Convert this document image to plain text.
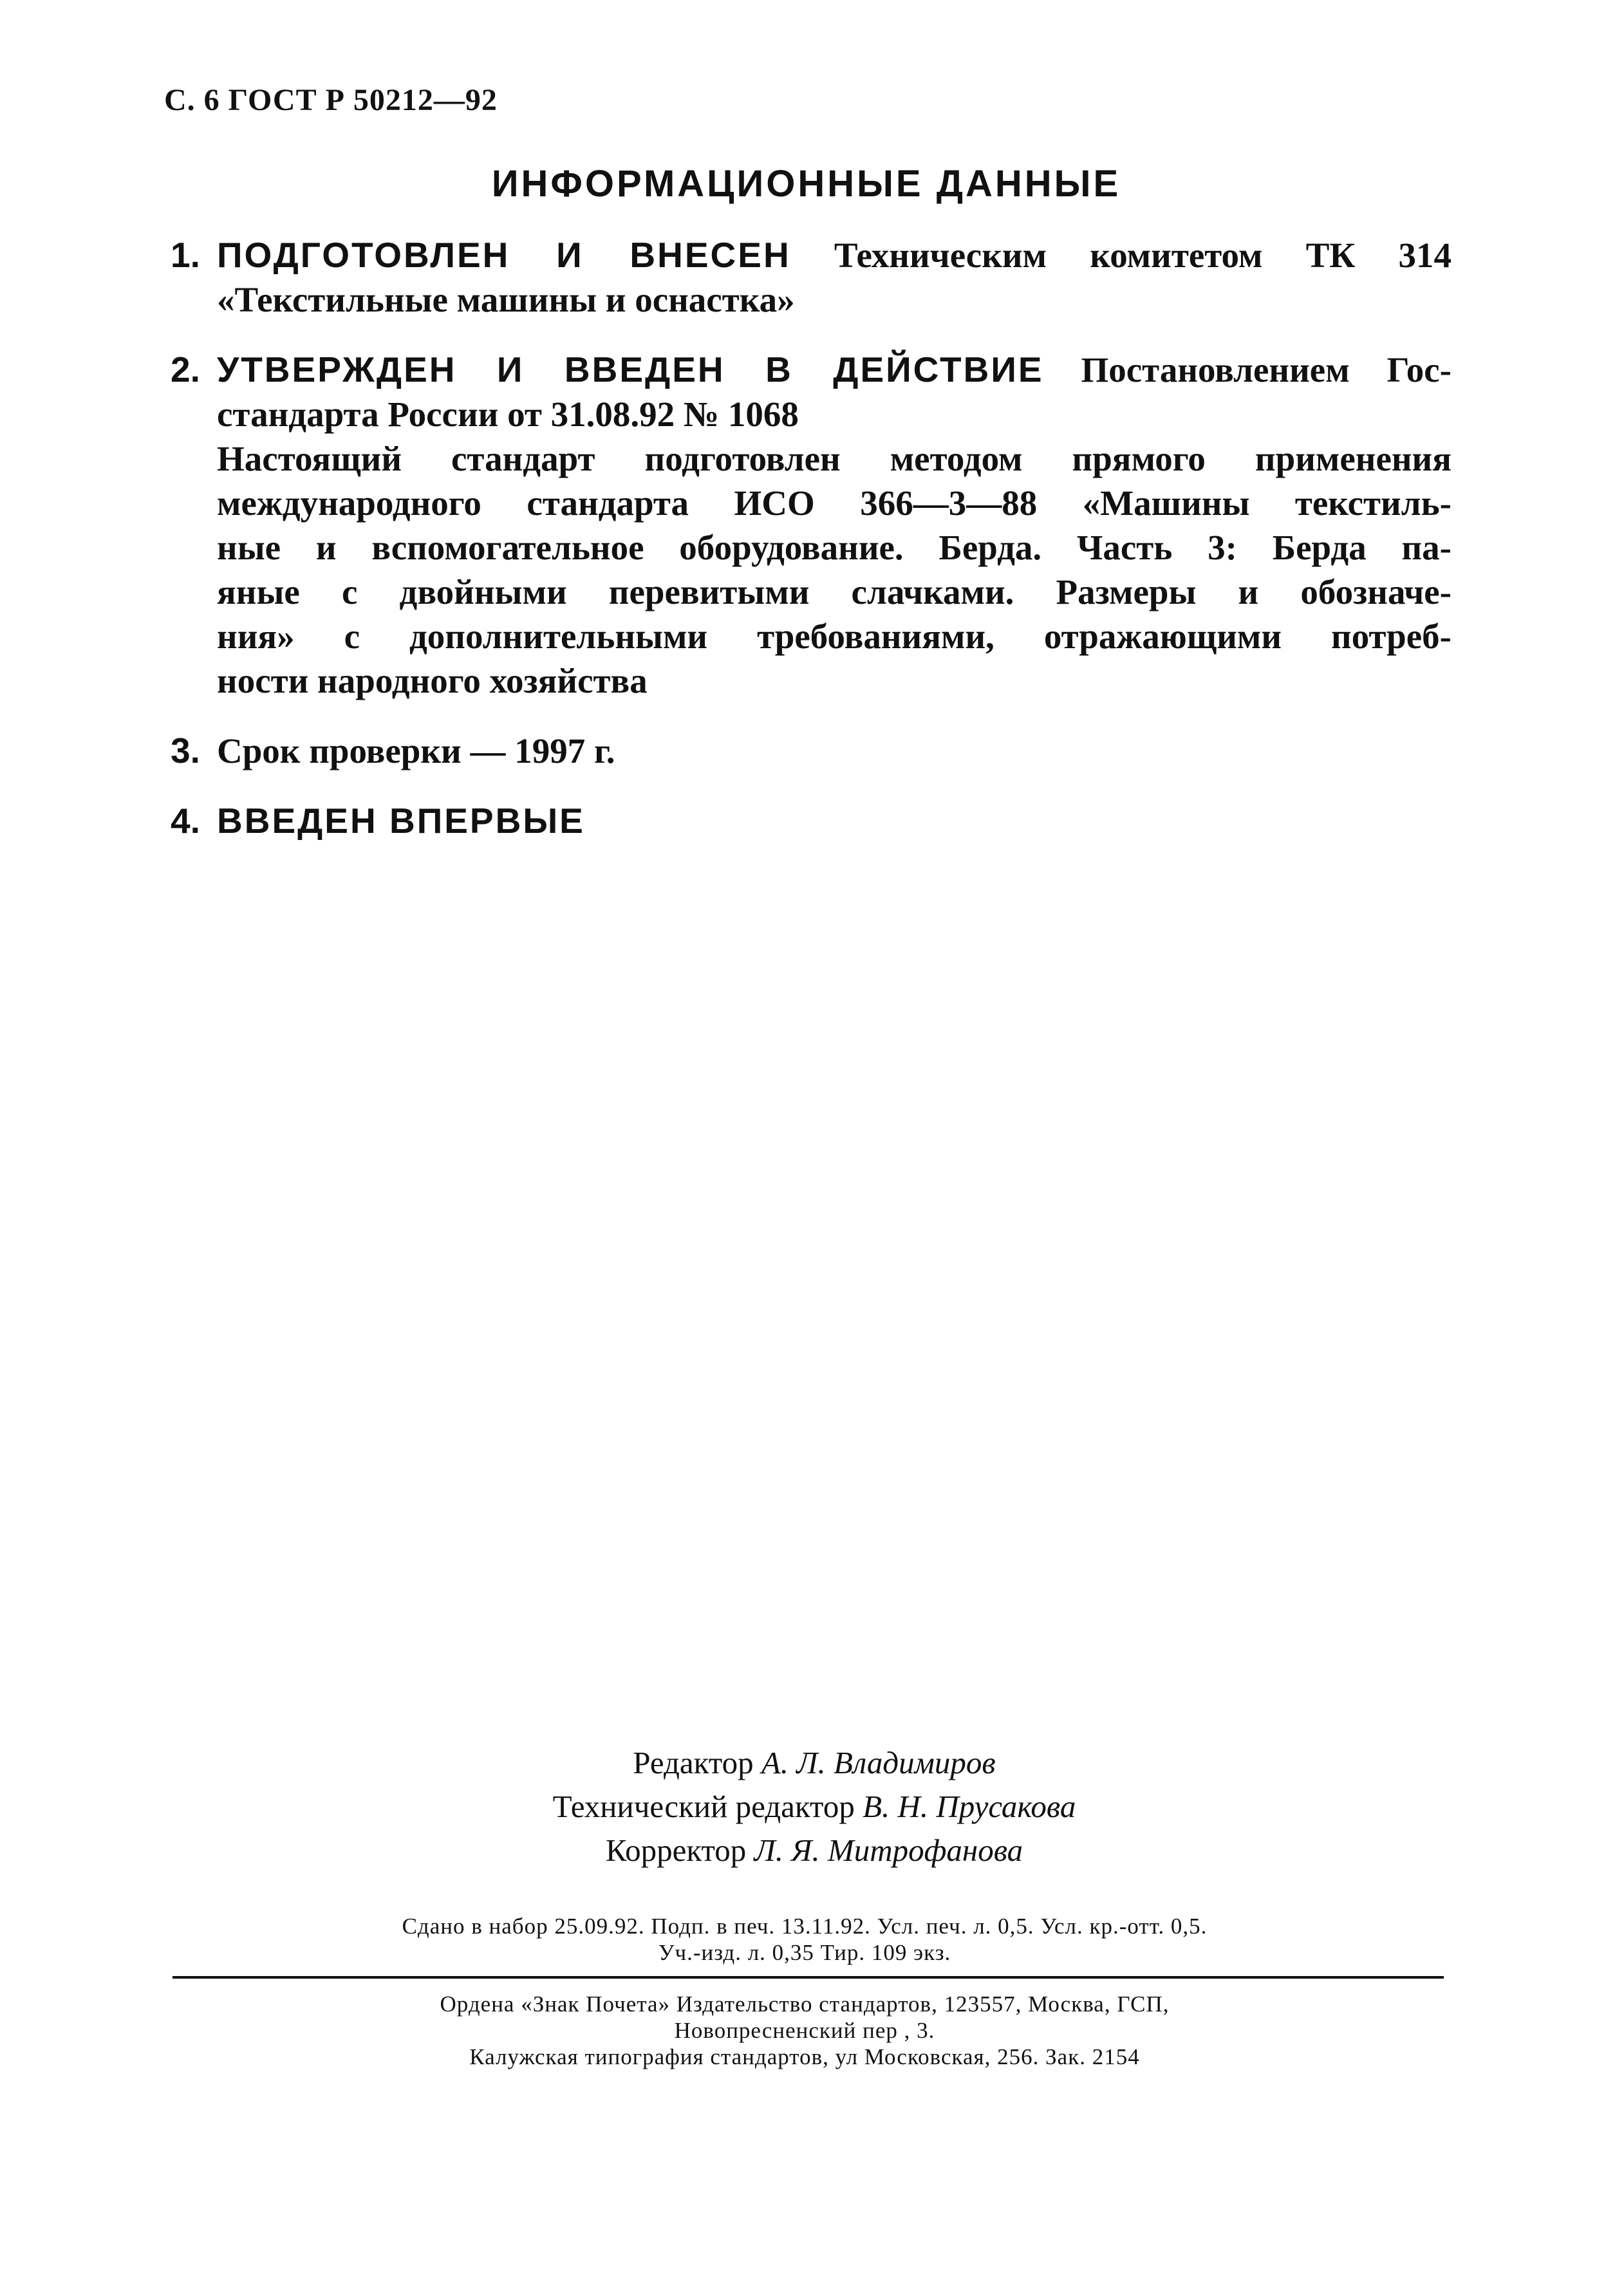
С. 6 ГОСТ Р 50212—92
ИНФОРМАЦИОННЫЕ ДАННЫЕ
1. ПОДГОТОВЛЕН И ВНЕСЕН Техническим комитетом ТК 314
«Текстильные машины и оснастка»
2. УТВЕРЖДЕН И ВВЕДЕН В ДЕЙСТВИЕ Постановлением Гос-
стандарта России от 31.08.92 № 1068
Настоящий стандарт подготовлен методом прямого применения
международного стандарта ИСО 366—3—88 «Машины текстиль-
ные и вспомогательное оборудование. Берда. Часть 3: Берда па-
яные с двойными перевитыми слачками. Размеры и обозначе-
ния» с дополнительными требованиями, отражающими потреб-
ности народного хозяйства
3. Срок проверки — 1997 г.
4. ВВЕДЕН ВПЕРВЫЕ
Редактор А. Л. Владимиров
Технический редактор В. Н. Прусакова
Корректор Л. Я. Митрофанова
Сдано в набор 25.09.92. Подп. в печ. 13.11.92. Усл. печ. л. 0,5. Усл. кр.-отт. 0,5.
Уч.-изд. л. 0,35 Тир. 109 экз.
Ордена «Знак Почета» Издательство стандартов, 123557, Москва, ГСП,
Новопресненский пер , 3.
Калужская типография стандартов, ул Московская, 256. Зак. 2154
